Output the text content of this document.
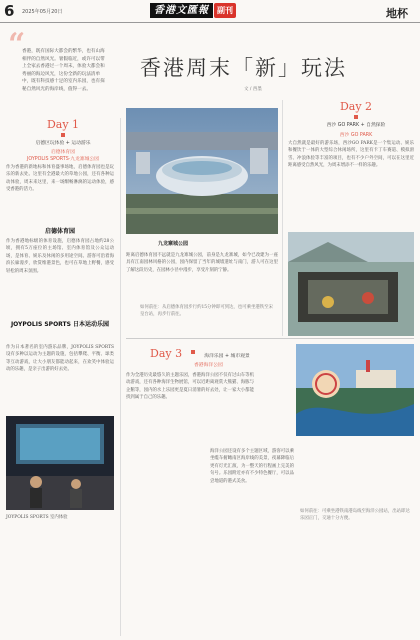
6 2025年05月20日	香港文匯報	副刊	地杯
“
香港，既有国际大都会的繁华，也有山海相伴的自然风光。暑假临近，或许可以带上全家去香港过一个周末，体验大都会和秀丽的海边风光，这份全新的玩法清单中，既有科技感十足的室内乐园，也有探秘自然风光的海岸线，值得一去。
香港周末「新」玩法
文 / 西墨
Day 1
启德区玩体验 + 运动游乐
启德体育园
JOYPOLIS SPORTS·九龙寨城公园
作为香港的新地标和体育盛事场地，启德体育园也是玩乐的新去处。这里有全港最大的草地公园，还有各种运动体验，周末来这里，来一场酣畅淋漓的运动体验，感受香港的活力。
启德体育园
作为香港地标级的体育设施，启德体育园占地约28公顷，拥有5万座位的主场馆、室内体育馆及公众运动场，是体育、娱乐及休闲的多用途空间。游客可沿着海滨长廊漫步，欣赏维港景色，也可在草地上野餐，感受轻松的周末氛围。
JOYPOLIS SPORTS 日本运动乐园
作为日本著名的室内游乐品牌，JOYPOLIS SPORTS设有多种以运动为主题的设施，包括攀爬、平衡、球类等互动游戏，让大小朋友都能动起来，在欢笑中体验运动的乐趣，是亲子出游的好去处。
JOYPOLIS SPORTS 室内体验
Day 2
西沙 GO PARK + 自然探险
西沙 GO PARK
大自然就是最好的游乐场，西沙GO PARK是一个集运动、娱乐和餐饮于一体的大型综合休闲场所，这里有卡丁车赛道、模拟滑雪、冲浪体验等丰富的项目，也有不少户外空间，可以在这里近距离感受自然风光，为周末增添不一样的乐趣。
九龙寨城公园
距离启德体育园不远就是九龙寨城公园，前身是九龙寨城，如今已改建为一座具有江南园林风格的公园，园内保留了当年的城墙遗址与南门，游人可在这里了解这段历史，在园林小径中漫步，享受片刻的宁静。
如何前往：从启德体育园步行约15分钟即可到达，也可乘坐港铁至宋皇台站，再步行前往。
Day 3	海洋乐园 + 城市观景
香港海洋公园
作为全港历史最悠久的主题乐园，香港海洋公园不仅有过山车等机动游戏，还有各种海洋生物展馆，可以近距离观赏大熊猫、海豚与企鹅等，园内的水上乐园更是夏日消暑的好去处，让一家大小都能找到属于自己的乐趣。
海洋公园还设有多个主题区域，游客可以乘坐缆车俯瞰南区海岸线的美景，夜幕降临后更有灯光汇演，为一整天的行程画上完美的句号。乐园附近亦有不少特色餐厅，可以品尝地道的港式美食。
如何前往：可乘坐港铁南港岛线至海洋公园站，出站即达乐园正门，交通十分方便。
